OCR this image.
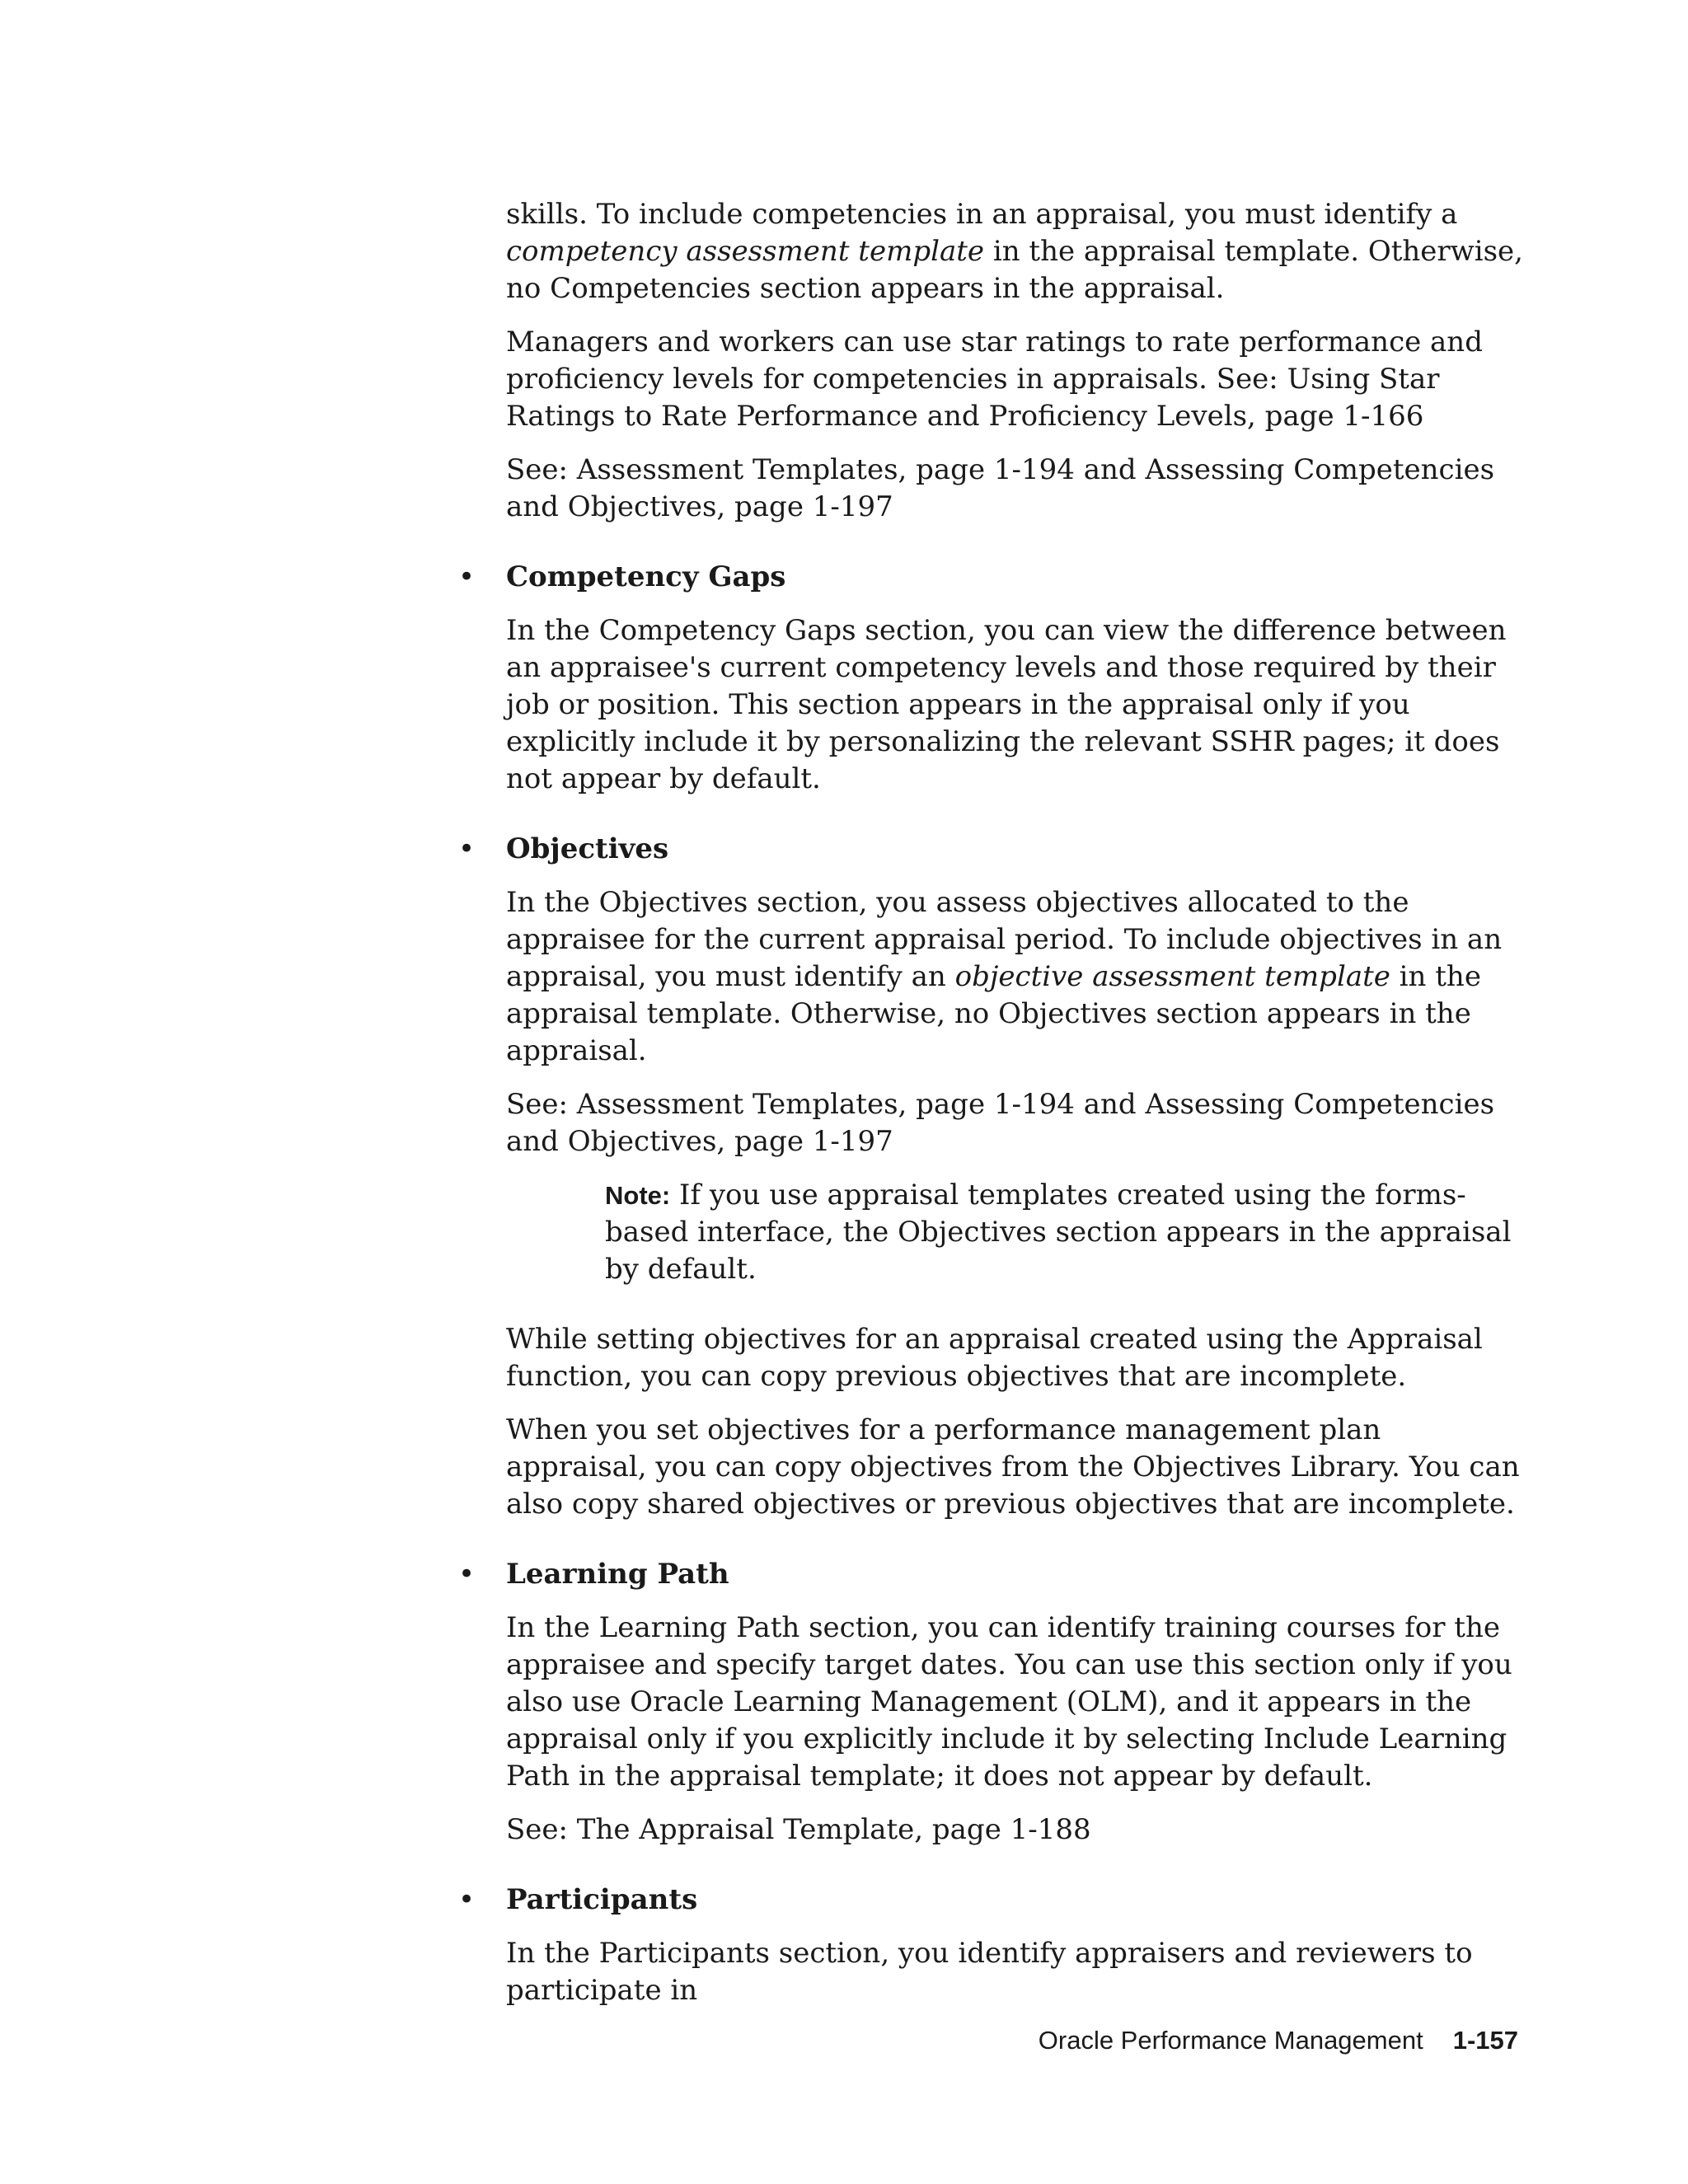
skills. To include competencies in an appraisal, you must identify a competency assessment template in the appraisal template. Otherwise, no Competencies section appears in the appraisal.

Managers and workers can use star ratings to rate performance and proficiency levels for competencies in appraisals. See: Using Star Ratings to Rate Performance and Proficiency Levels, page 1-166

See: Assessment Templates, page 1-194 and Assessing Competencies and Objectives, page 1-197

• Competency Gaps

In the Competency Gaps section, you can view the difference between an appraisee's current competency levels and those required by their job or position. This section appears in the appraisal only if you explicitly include it by personalizing the relevant SSHR pages; it does not appear by default.

• Objectives

In the Objectives section, you assess objectives allocated to the appraisee for the current appraisal period. To include objectives in an appraisal, you must identify an objective assessment template in the appraisal template. Otherwise, no Objectives section appears in the appraisal.

See: Assessment Templates, page 1-194 and Assessing Competencies and Objectives, page 1-197

Note: If you use appraisal templates created using the forms-based interface, the Objectives section appears in the appraisal by default.

While setting objectives for an appraisal created using the Appraisal function, you can copy previous objectives that are incomplete.

When you set objectives for a performance management plan appraisal, you can copy objectives from the Objectives Library. You can also copy shared objectives or previous objectives that are incomplete.

• Learning Path

In the Learning Path section, you can identify training courses for the appraisee and specify target dates. You can use this section only if you also use Oracle Learning Management (OLM), and it appears in the appraisal only if you explicitly include it by selecting Include Learning Path in the appraisal template; it does not appear by default.

See: The Appraisal Template, page 1-188

• Participants

In the Participants section, you identify appraisers and reviewers to participate in

Oracle Performance Management 1-157
